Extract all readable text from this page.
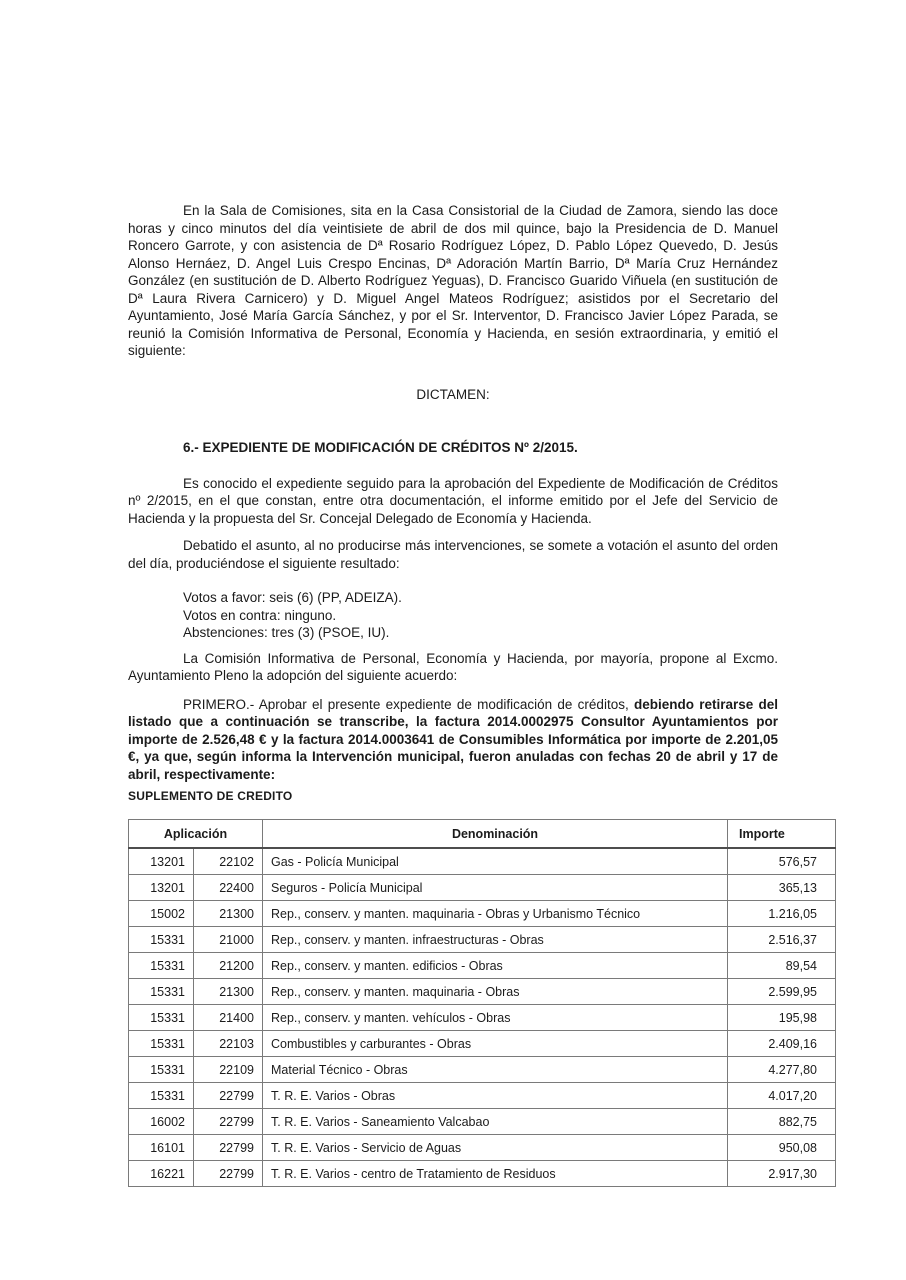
En la Sala de Comisiones, sita en la Casa Consistorial de la Ciudad de Zamora, siendo las doce horas y cinco minutos del día veintisiete de abril de dos mil quince, bajo la Presidencia de D. Manuel Roncero Garrote, y con asistencia de Dª Rosario Rodríguez López, D. Pablo López Quevedo, D. Jesús Alonso Hernáez, D. Angel Luis Crespo Encinas, Dª Adoración Martín Barrio, Dª María Cruz Hernández González (en sustitución de D. Alberto Rodríguez Yeguas), D. Francisco Guarido Viñuela (en sustitución de Dª Laura Rivera Carnicero) y D. Miguel Angel Mateos Rodríguez; asistidos por el Secretario del Ayuntamiento, José María García Sánchez, y por el Sr. Interventor, D. Francisco Javier López Parada, se reunió la Comisión Informativa de Personal, Economía y Hacienda, en sesión extraordinaria, y emitió el siguiente:

DICTAMEN:

6.- EXPEDIENTE DE MODIFICACIÓN DE CRÉDITOS Nº 2/2015.

Es conocido el expediente seguido para la aprobación del Expediente de Modificación de Créditos nº 2/2015, en el que constan, entre otra documentación, el informe emitido por el Jefe del Servicio de Hacienda y la propuesta del Sr. Concejal Delegado de Economía y Hacienda.

Debatido el asunto, al no producirse más intervenciones, se somete a votación el asunto del orden del día, produciéndose el siguiente resultado:

Votos a favor: seis (6) (PP, ADEIZA).
Votos en contra: ninguno.
Abstenciones: tres (3) (PSOE, IU).

La Comisión Informativa de Personal, Economía y Hacienda, por mayoría, propone al Excmo. Ayuntamiento Pleno la adopción del siguiente acuerdo:

PRIMERO.- Aprobar el presente expediente de modificación de créditos, debiendo retirarse del listado que a continuación se transcribe, la factura 2014.0002975 Consultor Ayuntamientos por importe de 2.526,48 € y la factura 2014.0003641 de Consumibles Informática por importe de 2.201,05 €, ya que, según informa la Intervención municipal, fueron anuladas con fechas 20 de abril y 17 de abril, respectivamente:

SUPLEMENTO DE CREDITO

Aplicación		Denominación	Importe
13201	22102	Gas - Policía Municipal	576,57
13201	22400	Seguros - Policía Municipal	365,13
15002	21300	Rep., conserv. y manten. maquinaria - Obras y Urbanismo Técnico	1.216,05
15331	21000	Rep., conserv. y manten. infraestructuras - Obras	2.516,37
15331	21200	Rep., conserv. y manten. edificios - Obras	89,54
15331	21300	Rep., conserv. y manten. maquinaria - Obras	2.599,95
15331	21400	Rep., conserv. y manten. vehículos - Obras	195,98
15331	22103	Combustibles y carburantes - Obras	2.409,16
15331	22109	Material Técnico - Obras	4.277,80
15331	22799	T. R. E. Varios - Obras	4.017,20
16002	22799	T. R. E. Varios - Saneamiento Valcabao	882,75
16101	22799	T. R. E. Varios - Servicio de Aguas	950,08
16221	22799	T. R. E. Varios - centro de Tratamiento de Residuos	2.917,30
